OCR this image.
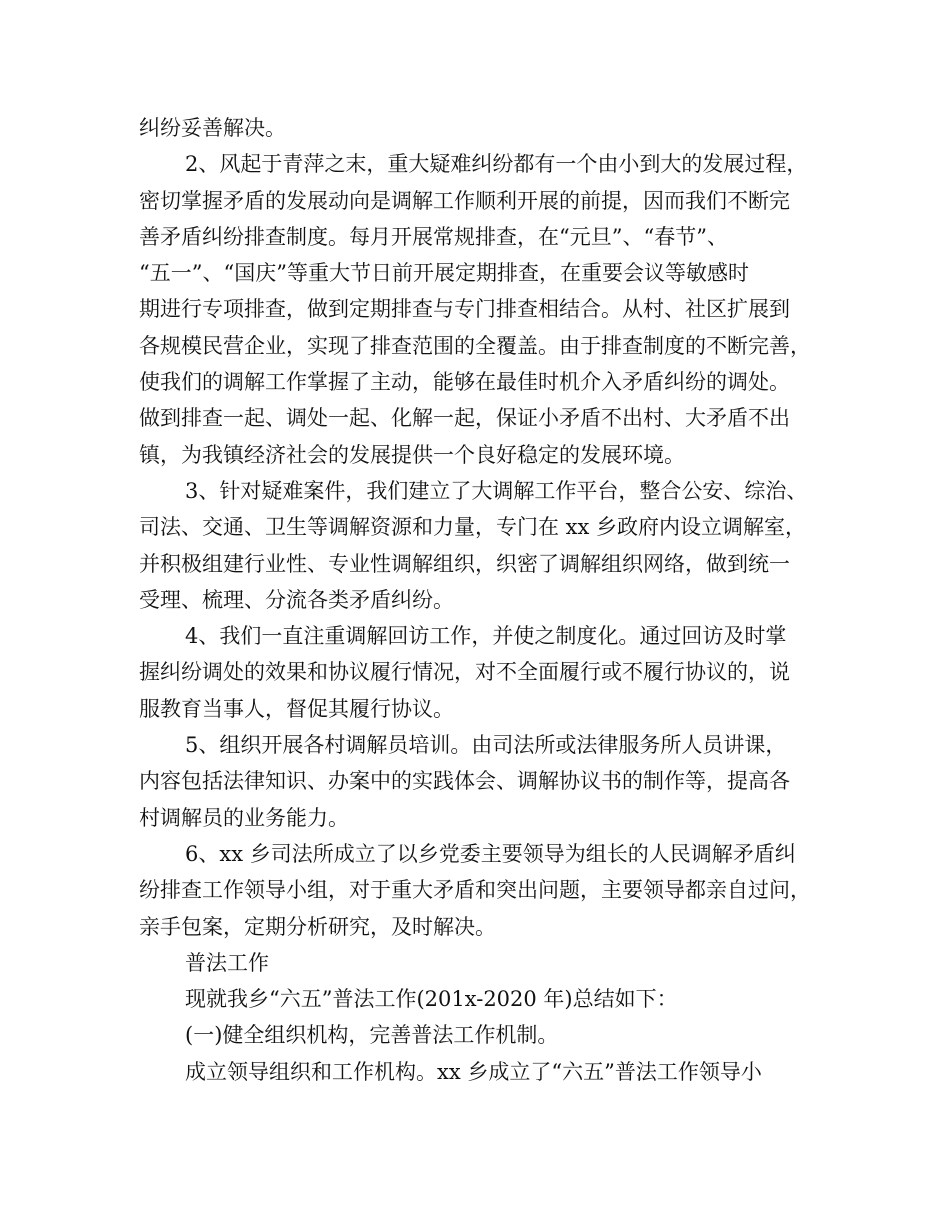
纠纷妥善解决。
2、风起于青萍之末，重大疑难纠纷都有一个由小到大的发展过程，
密切掌握矛盾的发展动向是调解工作顺利开展的前提，因而我们不断完
善矛盾纠纷排查制度。每月开展常规排查，在“元旦”、“春节”、
“五一”、“国庆”等重大节日前开展定期排查，在重要会议等敏感时
期进行专项排查，做到定期排查与专门排查相结合。从村、社区扩展到
各规模民营企业，实现了排查范围的全覆盖。由于排查制度的不断完善，
使我们的调解工作掌握了主动，能够在最佳时机介入矛盾纠纷的调处。
做到排查一起、调处一起、化解一起，保证小矛盾不出村、大矛盾不出
镇，为我镇经济社会的发展提供一个良好稳定的发展环境。
3、针对疑难案件，我们建立了大调解工作平台，整合公安、综治、
司法、交通、卫生等调解资源和力量，专门在 xx 乡政府内设立调解室，
并积极组建行业性、专业性调解组织，织密了调解组织网络，做到统一
受理、梳理、分流各类矛盾纠纷。
4、我们一直注重调解回访工作，并使之制度化。通过回访及时掌
握纠纷调处的效果和协议履行情况，对不全面履行或不履行协议的，说
服教育当事人，督促其履行协议。
5、组织开展各村调解员培训。由司法所或法律服务所人员讲课，
内容包括法律知识、办案中的实践体会、调解协议书的制作等，提高各
村调解员的业务能力。
6、xx 乡司法所成立了以乡党委主要领导为组长的人民调解矛盾纠
纷排查工作领导小组，对于重大矛盾和突出问题，主要领导都亲自过问，
亲手包案，定期分析研究，及时解决。
普法工作
现就我乡“六五”普法工作(201x-2020 年)总结如下：
(一)健全组织机构，完善普法工作机制。
成立领导组织和工作机构。xx 乡成立了“六五”普法工作领导小
